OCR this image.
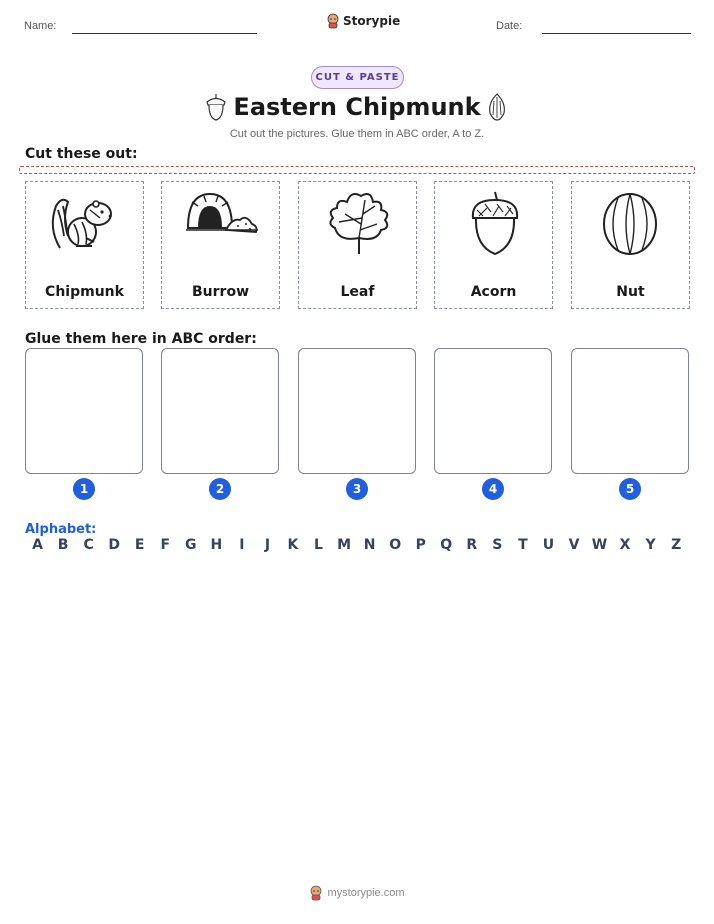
Name:	Storypie	Date:
CUT & PASTE
Eastern Chipmunk
Cut out the pictures. Glue them in ABC order, A to Z.
Cut these out:
Chipmunk	Burrow	Leaf	Acorn	Nut
Glue them here in ABC order:
1	2	3	4	5
Alphabet:
A	B	C	D	E	F	G H	I	J	K	L	M N O	P	Q	R	S	T	U	V W X	Y	Z
mystorypie.com
